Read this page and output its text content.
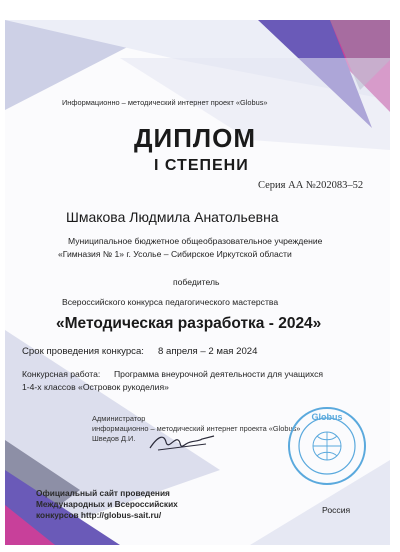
Информационно – методический интернет проект «Globus»

ДИПЛОМ

I СТЕПЕНИ

Серия АА №202083–52

Шмакова Людмила Анатольевна

Муниципальное бюджетное общеобразовательное учреждение

«Гимназия № 1» г. Усолье – Сибирское Иркутской области

победитель

Всероссийского конкурса педагогического мастерства

«Методическая разработка - 2024»

Срок проведения конкурса: 8 апреля – 2 мая 2024

Конкурсная работа: Программа внеурочной деятельности для учащихся

1-4-х классов «Островок рукоделия»

Администратор

информационно – методический интернет проекта «Globus»

Шведов Д.И.

Globus

Официальный сайт проведения

Международных и Всероссийских

конкурсов http://globus-sait.ru/	Россия
